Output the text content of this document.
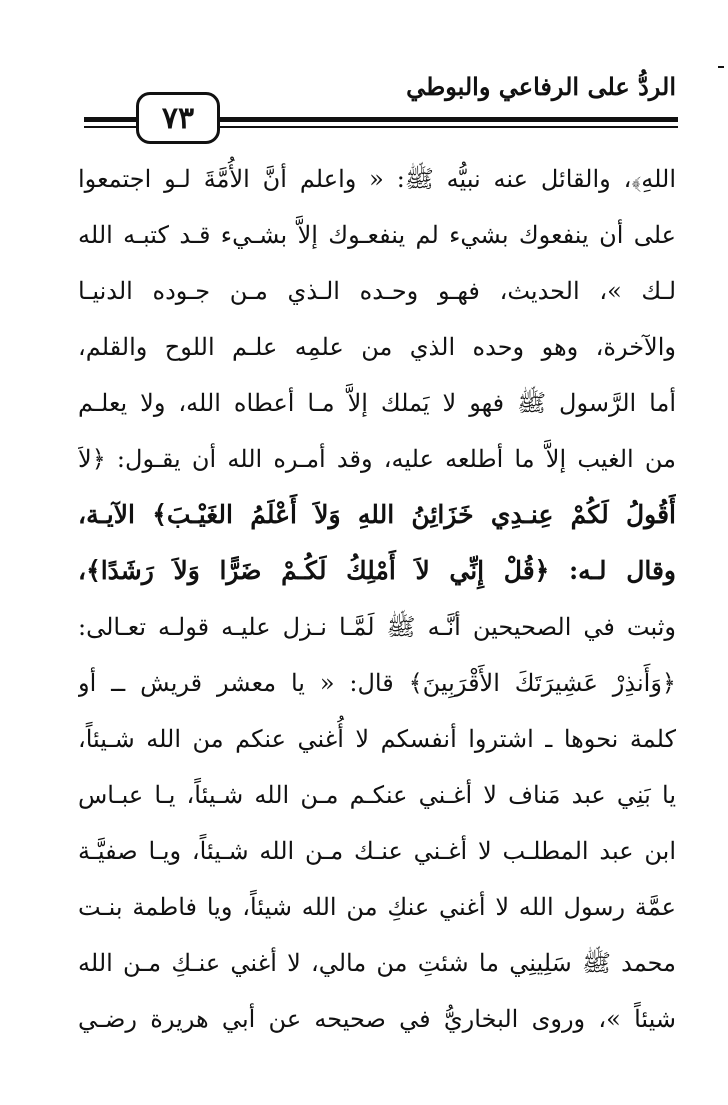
الردُّ على الرفاعي والبوطي
٧٣
اللهِ﴾، والقائل عنه نبيُّه ﷺ: « واعلم أنَّ الأُمَّةَ لـو اجتمعوا
على أن ينفعوك بشيء لم ينفعـوك إلاَّ بشـيء قـد كتبـه الله
لـك »، الحديث، فهـو وحـده الـذي مـن جـوده الدنيـا
والآخرة، وهو وحده الذي من علمِه علـم اللوح والقلم،
أما الرَّسول ﷺ فهو لا يَملك إلاَّ مـا أعطاه الله، ولا يعلـم
من الغيب إلاَّ ما أطلعه عليه، وقد أمـره الله أن يقـول: ﴿لاَ
أَقُولُ لَكُمْ عِنـدِي خَزَائِنُ اللهِ وَلاَ أَعْلَمُ الغَيْـبَ﴾ الآيـة،
وقال لـه: ﴿قُلْ إِنِّي لاَ أَمْلِكُ لَكُـمْ ضَرًّا وَلاَ رَشَدًا﴾،
وثبت في الصحيحين أنَّـه ﷺ لَمَّـا نـزل عليـه قولـه تعـالى:
﴿وَأَنذِرْ عَشِيرَتَكَ الأَقْرَبِينَ﴾ قال: « يا معشر قريش ــ أو
كلمة نحوها ـ اشتروا أنفسكم لا أُغني عنكم من الله شـيئاً،
يا بَنِي عبد مَناف لا أغـني عنكـم مـن الله شـيئاً، يـا عبـاس
ابن عبد المطلـب لا أغـني عنـك مـن الله شـيئاً، ويـا صفيَّـة
عمَّة رسول الله لا أغني عنكِ من الله شيئاً، ويا فاطمة بنـت
محمد ﷺ سَلِينِي ما شئتِ من مالي، لا أغني عنـكِ مـن الله
شيئاً »، وروى البخاريُّ في صحيحه عن أبي هريرة رضـي
